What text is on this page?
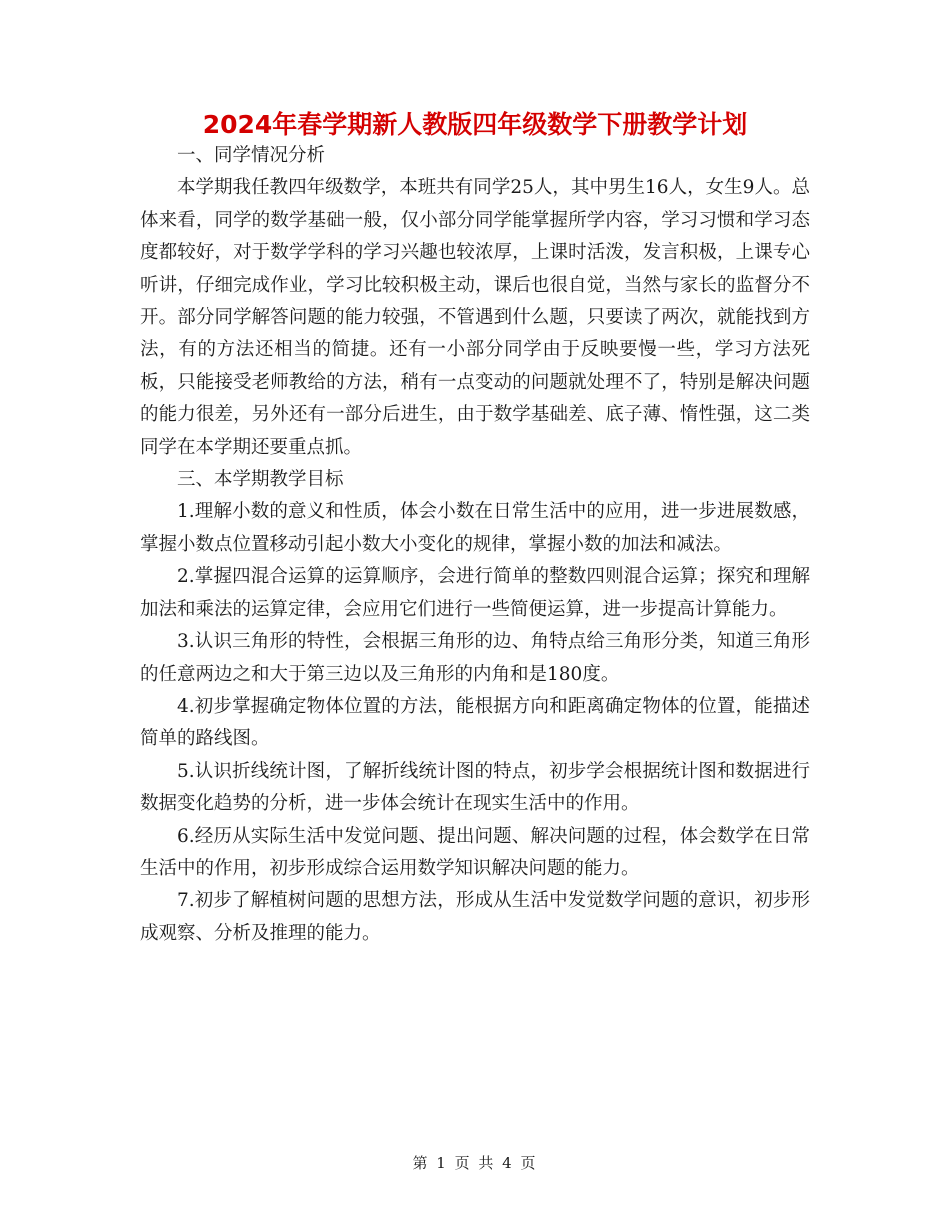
2024年春学期新人教版四年级数学下册教学计划

一、同学情况分析

本学期我任教四年级数学，本班共有同学25人，其中男生16人，女生9人。总体来看，同学的数学基础一般，仅小部分同学能掌握所学内容，学习习惯和学习态度都较好，对于数学学科的学习兴趣也较浓厚，上课时活泼，发言积极，上课专心听讲，仔细完成作业，学习比较积极主动，课后也很自觉，当然与家长的监督分不开。部分同学解答问题的能力较强，不管遇到什么题，只要读了两次，就能找到方法，有的方法还相当的简捷。还有一小部分同学由于反映要慢一些，学习方法死板，只能接受老师教给的方法，稍有一点变动的问题就处理不了，特别是解决问题的能力很差，另外还有一部分后进生，由于数学基础差、底子薄、惰性强，这二类同学在本学期还要重点抓。

三、本学期教学目标

1.理解小数的意义和性质，体会小数在日常生活中的应用，进一步进展数感，掌握小数点位置移动引起小数大小变化的规律，掌握小数的加法和减法。

2.掌握四混合运算的运算顺序，会进行简单的整数四则混合运算；探究和理解加法和乘法的运算定律，会应用它们进行一些简便运算，进一步提高计算能力。

3.认识三角形的特性，会根据三角形的边、角特点给三角形分类，知道三角形的任意两边之和大于第三边以及三角形的内角和是180度。

4.初步掌握确定物体位置的方法，能根据方向和距离确定物体的位置，能描述简单的路线图。

5.认识折线统计图，了解折线统计图的特点，初步学会根据统计图和数据进行数据变化趋势的分析，进一步体会统计在现实生活中的作用。

6.经历从实际生活中发觉问题、提出问题、解决问题的过程，体会数学在日常生活中的作用，初步形成综合运用数学知识解决问题的能力。

7.初步了解植树问题的思想方法，形成从生活中发觉数学问题的意识，初步形成观察、分析及推理的能力。

第 1 页 共 4 页
